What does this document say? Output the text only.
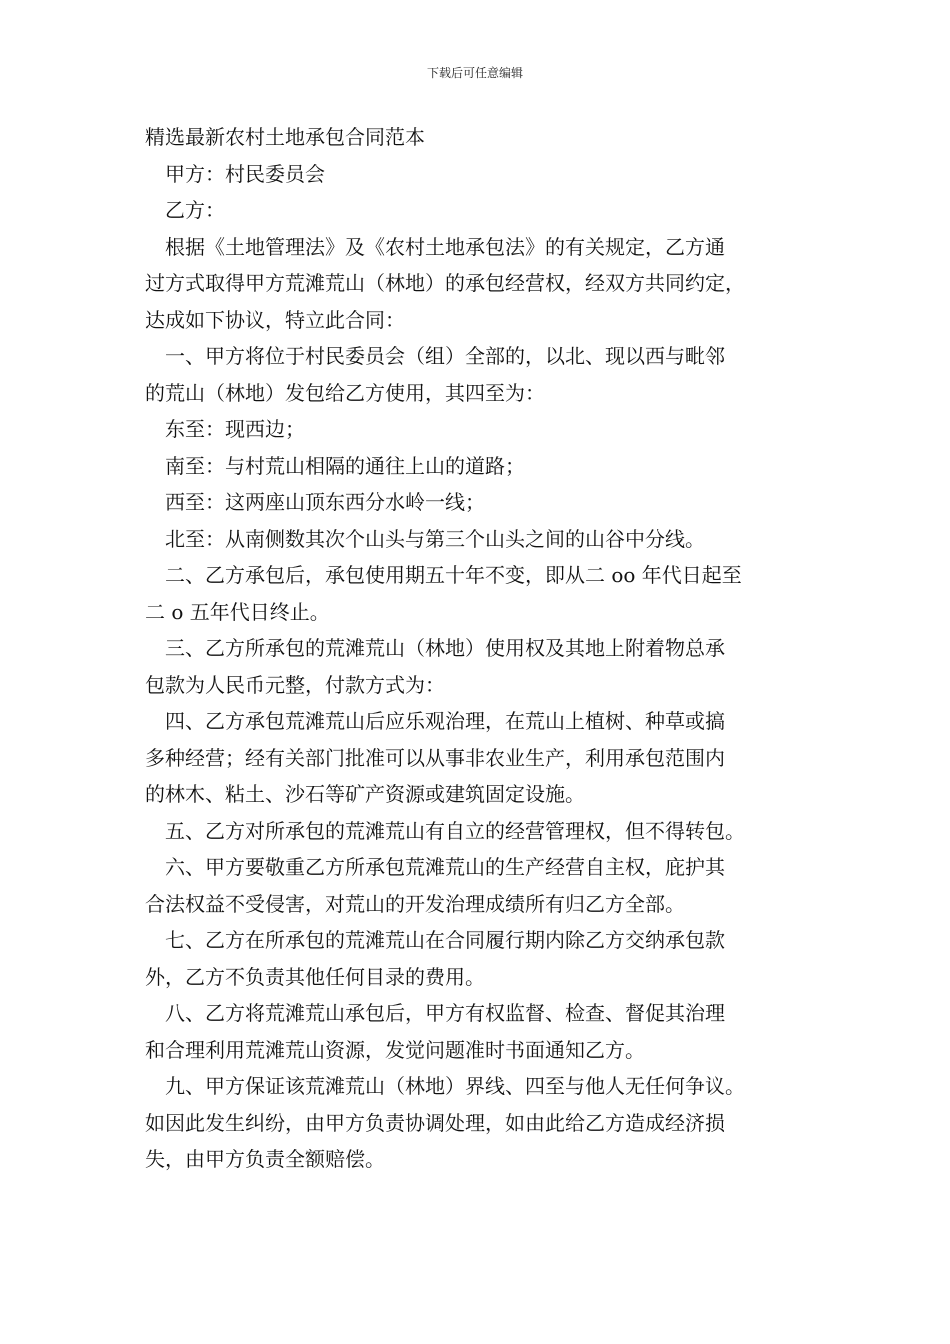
下载后可任意编辑

精选最新农村土地承包合同范本

甲方：村民委员会

乙方：

根据《土地管理法》及《农村土地承包法》的有关规定，乙方通
过方式取得甲方荒滩荒山（林地）的承包经营权，经双方共同约定，
达成如下协议，特立此合同：

一、甲方将位于村民委员会（组）全部的，以北、现以西与毗邻
的荒山（林地）发包给乙方使用，其四至为：

东至：现西边；

南至：与村荒山相隔的通往上山的道路；

西至：这两座山顶东西分水岭一线；

北至：从南侧数其次个山头与第三个山头之间的山谷中分线。

二、乙方承包后，承包使用期五十年不变，即从二 oo 年代日起至
二 o 五年代日终止。

三、乙方所承包的荒滩荒山（林地）使用权及其地上附着物总承
包款为人民币元整，付款方式为：

四、乙方承包荒滩荒山后应乐观治理，在荒山上植树、种草或搞
多种经营；经有关部门批准可以从事非农业生产，利用承包范围内
的林木、粘土、沙石等矿产资源或建筑固定设施。

五、乙方对所承包的荒滩荒山有自立的经营管理权，但不得转包。

六、甲方要敬重乙方所承包荒滩荒山的生产经营自主权，庇护其
合法权益不受侵害，对荒山的开发治理成绩所有归乙方全部。

七、乙方在所承包的荒滩荒山在合同履行期内除乙方交纳承包款
外，乙方不负责其他任何目录的费用。

八、乙方将荒滩荒山承包后，甲方有权监督、检查、督促其治理
和合理利用荒滩荒山资源，发觉问题准时书面通知乙方。

九、甲方保证该荒滩荒山（林地）界线、四至与他人无任何争议。
如因此发生纠纷，由甲方负责协调处理，如由此给乙方造成经济损
失，由甲方负责全额赔偿。
